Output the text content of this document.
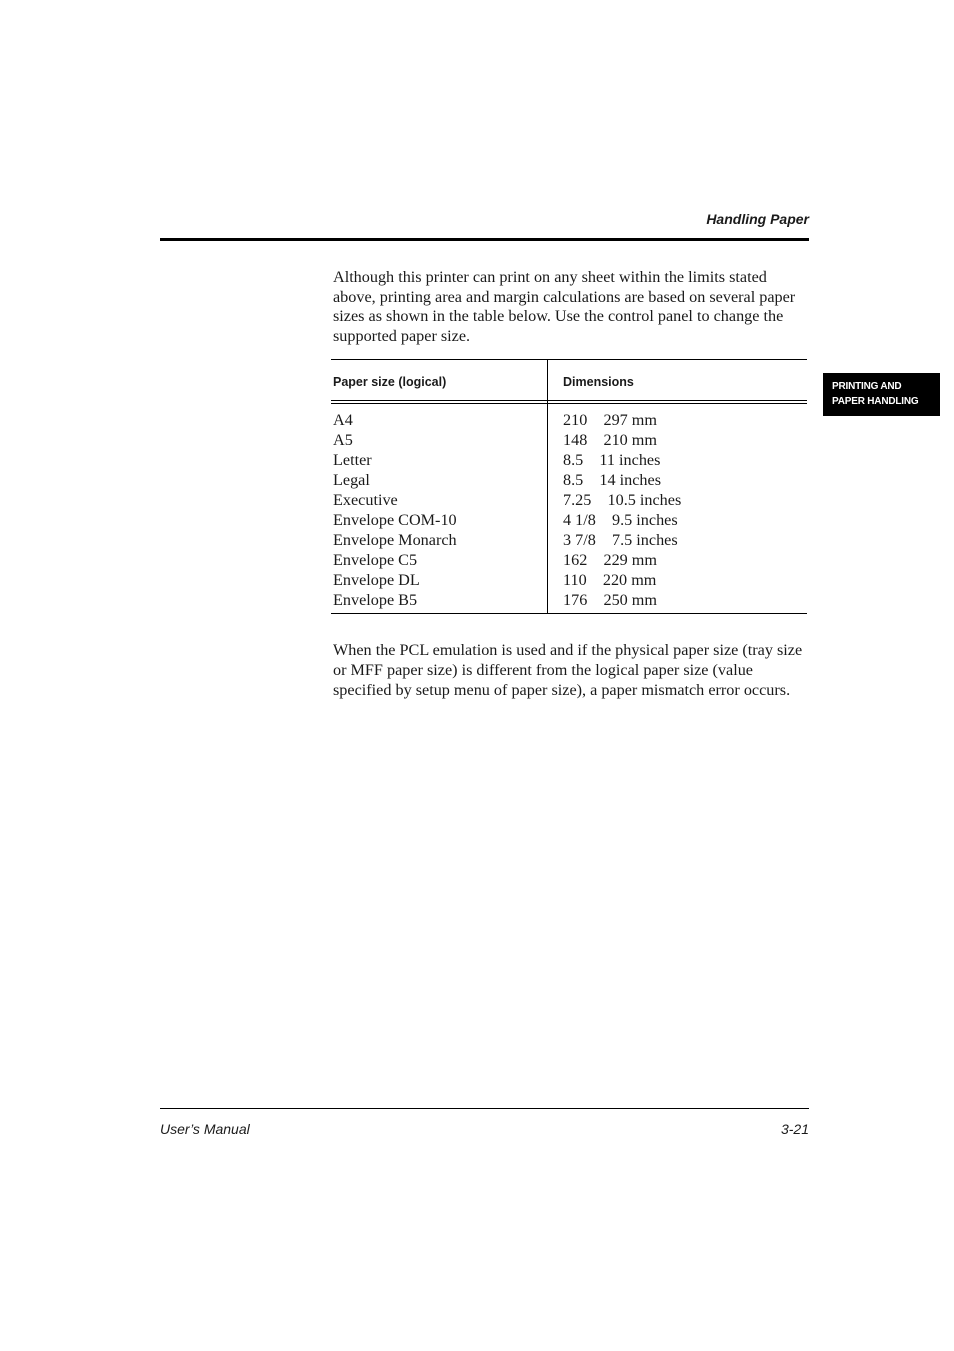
Handling Paper
PRINTING AND
PAPER HANDLING

Although this printer can print on any sheet within the limits stated above, printing area and margin calculations are based on several paper sizes as shown in the table below. Use the control panel to change the supported paper size.

Paper size (logical)	Dimensions
A4	210    297 mm
A5	148    210 mm
Letter	8.5    11 inches
Legal	8.5    14 inches
Executive	7.25    10.5 inches
Envelope COM-10	4 1/8    9.5 inches
Envelope Monarch	3 7/8    7.5 inches
Envelope C5	162    229 mm
Envelope DL	110    220 mm
Envelope B5	176    250 mm

When the PCL emulation is used and if the physical paper size (tray size or MFF paper size) is different from the logical paper size (value specified by setup menu of paper size), a paper mismatch error occurs.

User’s Manual	3-21
